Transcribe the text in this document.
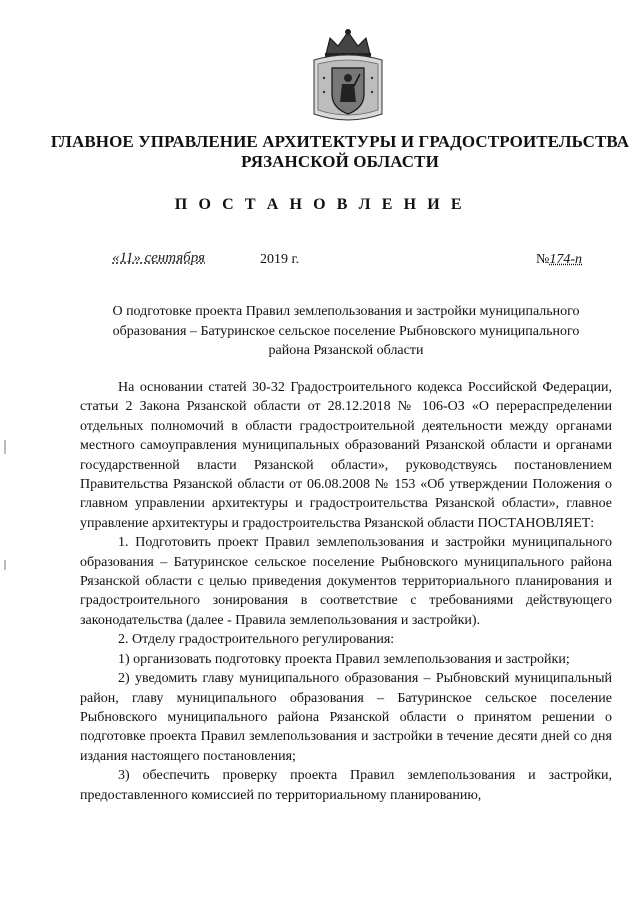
ГЛАВНОЕ УПРАВЛЕНИЕ АРХИТЕКТУРЫ И ГРАДОСТРОИТЕЛЬСТВА
РЯЗАНСКОЙ ОБЛАСТИ
П О С Т А Н О В Л Е Н И Е
«11» сентября	2019 г.	№174-п
О подготовке проекта Правил землепользования и застройки муниципального
образования – Батуринское сельское поселение Рыбновского муниципального
района Рязанской области

На основании статей 30-32 Градостроительного кодекса Российской Федерации, статьи 2 Закона Рязанской области от 28.12.2018 № 106-ОЗ «О перераспределении отдельных полномочий в области градостроительной деятельности между органами местного самоуправления муниципальных образований Рязанской области и органами государственной власти Рязанской области», руководствуясь постановлением Правительства Рязанской области от 06.08.2008 № 153 «Об утверждении Положения о главном управлении архитектуры и градостроительства Рязанской области», главное управление архитектуры и градостроительства Рязанской области ПОСТАНОВЛЯЕТ:

1. Подготовить проект Правил землепользования и застройки муниципального образования – Батуринское сельское поселение Рыбновского муниципального района Рязанской области с целью приведения документов территориального планирования и градостроительного зонирования в соответствие с требованиями действующего законодательства (далее - Правила землепользования и застройки).

2. Отделу градостроительного регулирования:

1) организовать подготовку проекта Правил землепользования и застройки;

2) уведомить главу муниципального образования – Рыбновский муниципальный район, главу муниципального образования – Батуринское сельское поселение Рыбновского муниципального района Рязанской области о принятом решении о подготовке проекта Правил землепользования и застройки в течение десяти дней со дня издания настоящего постановления;

3) обеспечить проверку проекта Правил землепользования и застройки, предоставленного комиссией по территориальному планированию,
